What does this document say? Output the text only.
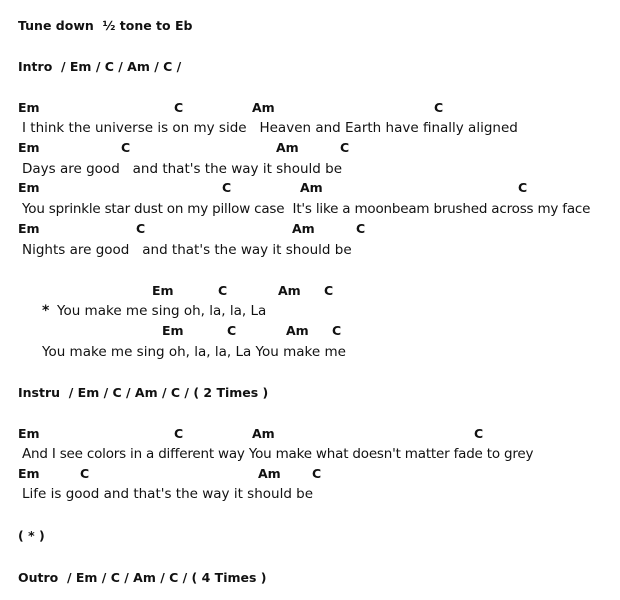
Tune down  ½ tone to Eb
Intro  / Em / C / Am / C /
Em	C	Am	C
I think the universe is on my side   Heaven and Earth have finally aligned
Em	C	Am	C
Days are good   and that's the way it should be
Em	C	Am	C
You sprinkle star dust on my pillow case  It's like a moonbeam brushed across my face
Em	C	Am	C
Nights are good   and that's the way it should be
Em	C	Am C
* You make me sing oh, la, la, La
Em	C	Am C
You make me sing oh, la, la, La You make me
Instru  / Em / C / Am / C / ( 2 Times )
Em	C	Am	C
And I see colors in a different way You make what doesn't matter fade to grey
Em	C	Am	C
Life is good and that's the way it should be
( * )
Outro  / Em / C / Am / C / ( 4 Times )
